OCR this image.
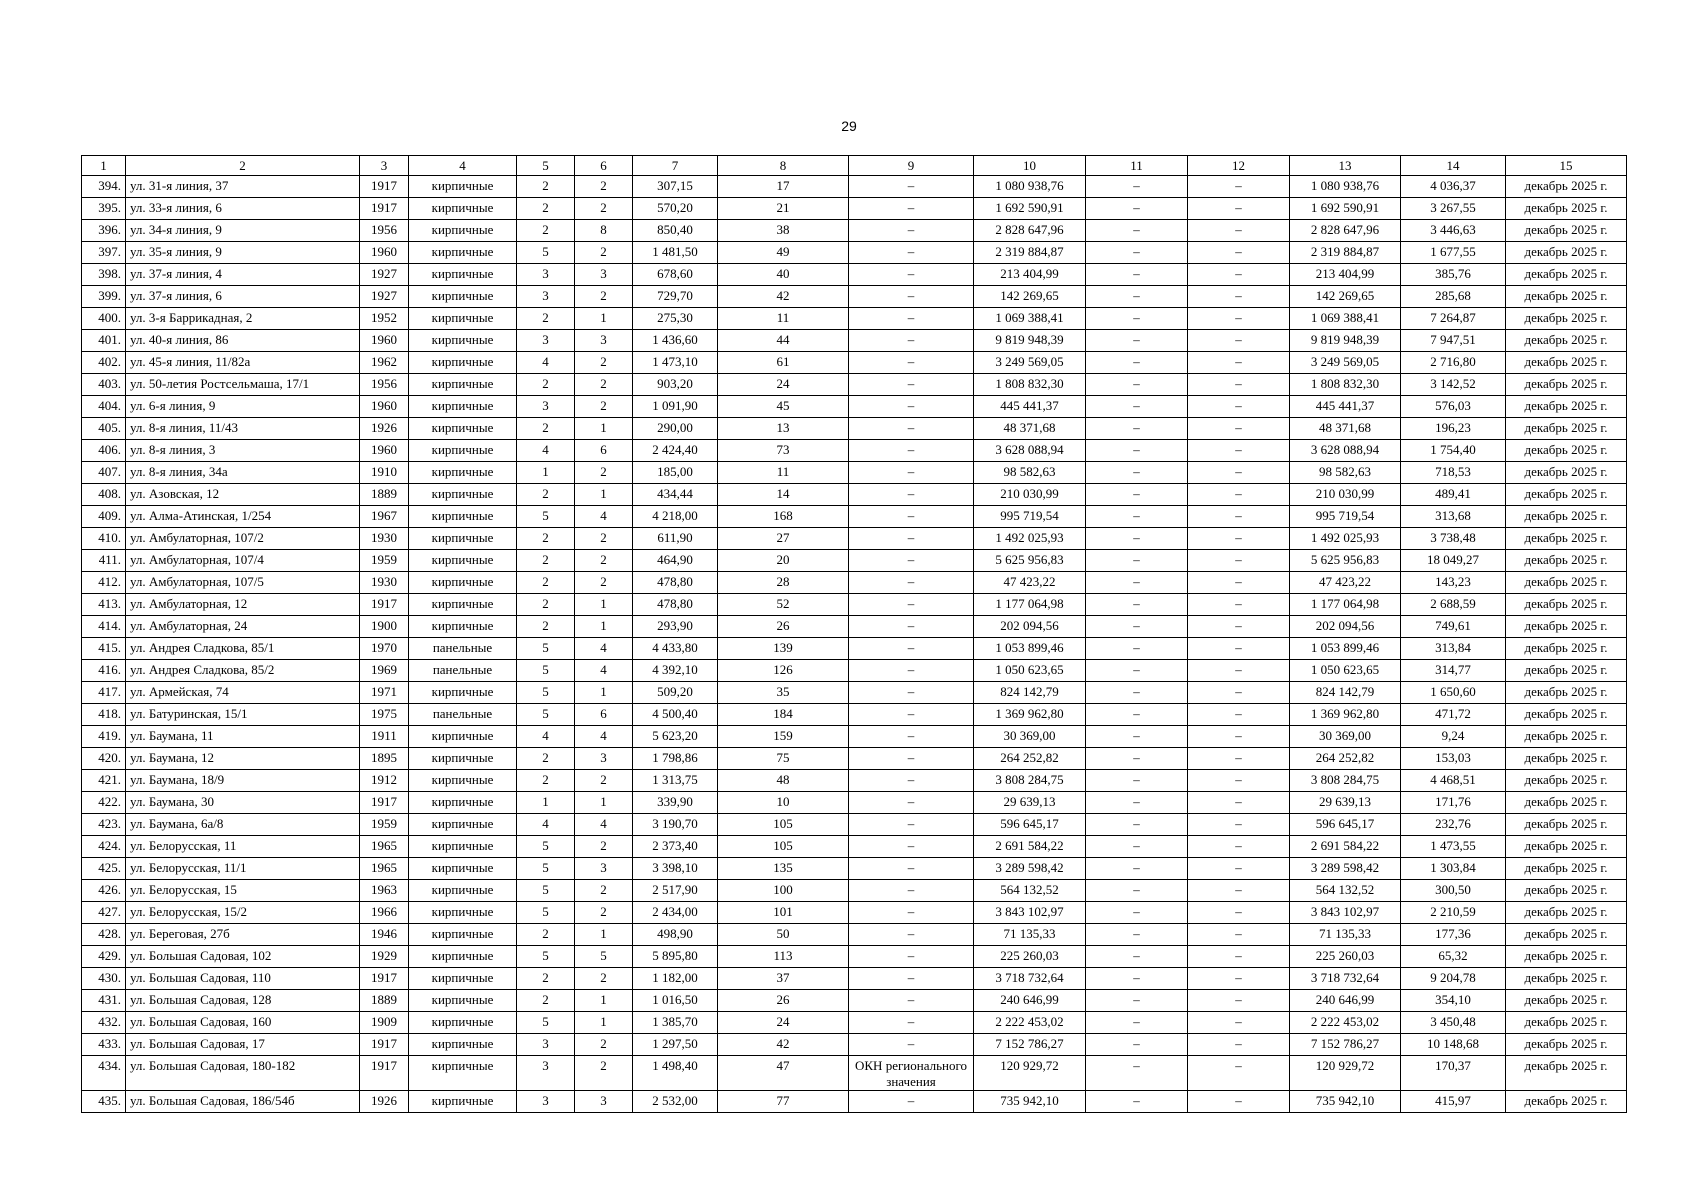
29
1	2	3	4	5	6	7	8	9	10	11	12	13	14	15
394.	ул. 31-я линия, 37	1917	кирпичные	2	2	307,15	17	–	1 080 938,76	–	–	1 080 938,76	4 036,37	декабрь 2025 г.
395.	ул. 33-я линия, 6	1917	кирпичные	2	2	570,20	21	–	1 692 590,91	–	–	1 692 590,91	3 267,55	декабрь 2025 г.
396.	ул. 34-я линия, 9	1956	кирпичные	2	8	850,40	38	–	2 828 647,96	–	–	2 828 647,96	3 446,63	декабрь 2025 г.
397.	ул. 35-я линия, 9	1960	кирпичные	5	2	1 481,50	49	–	2 319 884,87	–	–	2 319 884,87	1 677,55	декабрь 2025 г.
398.	ул. 37-я линия, 4	1927	кирпичные	3	3	678,60	40	–	213 404,99	–	–	213 404,99	385,76	декабрь 2025 г.
399.	ул. 37-я линия, 6	1927	кирпичные	3	2	729,70	42	–	142 269,65	–	–	142 269,65	285,68	декабрь 2025 г.
400.	ул. 3-я Баррикадная, 2	1952	кирпичные	2	1	275,30	11	–	1 069 388,41	–	–	1 069 388,41	7 264,87	декабрь 2025 г.
401.	ул. 40-я линия, 86	1960	кирпичные	3	3	1 436,60	44	–	9 819 948,39	–	–	9 819 948,39	7 947,51	декабрь 2025 г.
402.	ул. 45-я линия, 11/82а	1962	кирпичные	4	2	1 473,10	61	–	3 249 569,05	–	–	3 249 569,05	2 716,80	декабрь 2025 г.
403.	ул. 50-летия Ростсельмаша, 17/1	1956	кирпичные	2	2	903,20	24	–	1 808 832,30	–	–	1 808 832,30	3 142,52	декабрь 2025 г.
404.	ул. 6-я линия, 9	1960	кирпичные	3	2	1 091,90	45	–	445 441,37	–	–	445 441,37	576,03	декабрь 2025 г.
405.	ул. 8-я линия, 11/43	1926	кирпичные	2	1	290,00	13	–	48 371,68	–	–	48 371,68	196,23	декабрь 2025 г.
406.	ул. 8-я линия, 3	1960	кирпичные	4	6	2 424,40	73	–	3 628 088,94	–	–	3 628 088,94	1 754,40	декабрь 2025 г.
407.	ул. 8-я линия, 34а	1910	кирпичные	1	2	185,00	11	–	98 582,63	–	–	98 582,63	718,53	декабрь 2025 г.
408.	ул. Азовская, 12	1889	кирпичные	2	1	434,44	14	–	210 030,99	–	–	210 030,99	489,41	декабрь 2025 г.
409.	ул. Алма-Атинская, 1/254	1967	кирпичные	5	4	4 218,00	168	–	995 719,54	–	–	995 719,54	313,68	декабрь 2025 г.
410.	ул. Амбулаторная, 107/2	1930	кирпичные	2	2	611,90	27	–	1 492 025,93	–	–	1 492 025,93	3 738,48	декабрь 2025 г.
411.	ул. Амбулаторная, 107/4	1959	кирпичные	2	2	464,90	20	–	5 625 956,83	–	–	5 625 956,83	18 049,27	декабрь 2025 г.
412.	ул. Амбулаторная, 107/5	1930	кирпичные	2	2	478,80	28	–	47 423,22	–	–	47 423,22	143,23	декабрь 2025 г.
413.	ул. Амбулаторная, 12	1917	кирпичные	2	1	478,80	52	–	1 177 064,98	–	–	1 177 064,98	2 688,59	декабрь 2025 г.
414.	ул. Амбулаторная, 24	1900	кирпичные	2	1	293,90	26	–	202 094,56	–	–	202 094,56	749,61	декабрь 2025 г.
415.	ул. Андрея Сладкова, 85/1	1970	панельные	5	4	4 433,80	139	–	1 053 899,46	–	–	1 053 899,46	313,84	декабрь 2025 г.
416.	ул. Андрея Сладкова, 85/2	1969	панельные	5	4	4 392,10	126	–	1 050 623,65	–	–	1 050 623,65	314,77	декабрь 2025 г.
417.	ул. Армейская, 74	1971	кирпичные	5	1	509,20	35	–	824 142,79	–	–	824 142,79	1 650,60	декабрь 2025 г.
418.	ул. Батуринская, 15/1	1975	панельные	5	6	4 500,40	184	–	1 369 962,80	–	–	1 369 962,80	471,72	декабрь 2025 г.
419.	ул. Баумана, 11	1911	кирпичные	4	4	5 623,20	159	–	30 369,00	–	–	30 369,00	9,24	декабрь 2025 г.
420.	ул. Баумана, 12	1895	кирпичные	2	3	1 798,86	75	–	264 252,82	–	–	264 252,82	153,03	декабрь 2025 г.
421.	ул. Баумана, 18/9	1912	кирпичные	2	2	1 313,75	48	–	3 808 284,75	–	–	3 808 284,75	4 468,51	декабрь 2025 г.
422.	ул. Баумана, 30	1917	кирпичные	1	1	339,90	10	–	29 639,13	–	–	29 639,13	171,76	декабрь 2025 г.
423.	ул. Баумана, 6а/8	1959	кирпичные	4	4	3 190,70	105	–	596 645,17	–	–	596 645,17	232,76	декабрь 2025 г.
424.	ул. Белорусская, 11	1965	кирпичные	5	2	2 373,40	105	–	2 691 584,22	–	–	2 691 584,22	1 473,55	декабрь 2025 г.
425.	ул. Белорусская, 11/1	1965	кирпичные	5	3	3 398,10	135	–	3 289 598,42	–	–	3 289 598,42	1 303,84	декабрь 2025 г.
426.	ул. Белорусская, 15	1963	кирпичные	5	2	2 517,90	100	–	564 132,52	–	–	564 132,52	300,50	декабрь 2025 г.
427.	ул. Белорусская, 15/2	1966	кирпичные	5	2	2 434,00	101	–	3 843 102,97	–	–	3 843 102,97	2 210,59	декабрь 2025 г.
428.	ул. Береговая, 27б	1946	кирпичные	2	1	498,90	50	–	71 135,33	–	–	71 135,33	177,36	декабрь 2025 г.
429.	ул. Большая Садовая, 102	1929	кирпичные	5	5	5 895,80	113	–	225 260,03	–	–	225 260,03	65,32	декабрь 2025 г.
430.	ул. Большая Садовая, 110	1917	кирпичные	2	2	1 182,00	37	–	3 718 732,64	–	–	3 718 732,64	9 204,78	декабрь 2025 г.
431.	ул. Большая Садовая, 128	1889	кирпичные	2	1	1 016,50	26	–	240 646,99	–	–	240 646,99	354,10	декабрь 2025 г.
432.	ул. Большая Садовая, 160	1909	кирпичные	5	1	1 385,70	24	–	2 222 453,02	–	–	2 222 453,02	3 450,48	декабрь 2025 г.
433.	ул. Большая Садовая, 17	1917	кирпичные	3	2	1 297,50	42	–	7 152 786,27	–	–	7 152 786,27	10 148,68	декабрь 2025 г.
434.	ул. Большая Садовая, 180-182	1917	кирпичные	3	2	1 498,40	47	ОКН регионального значения	120 929,72	–	–	120 929,72	170,37	декабрь 2025 г.
435.	ул. Большая Садовая, 186/54б	1926	кирпичные	3	3	2 532,00	77	–	735 942,10	–	–	735 942,10	415,97	декабрь 2025 г.
